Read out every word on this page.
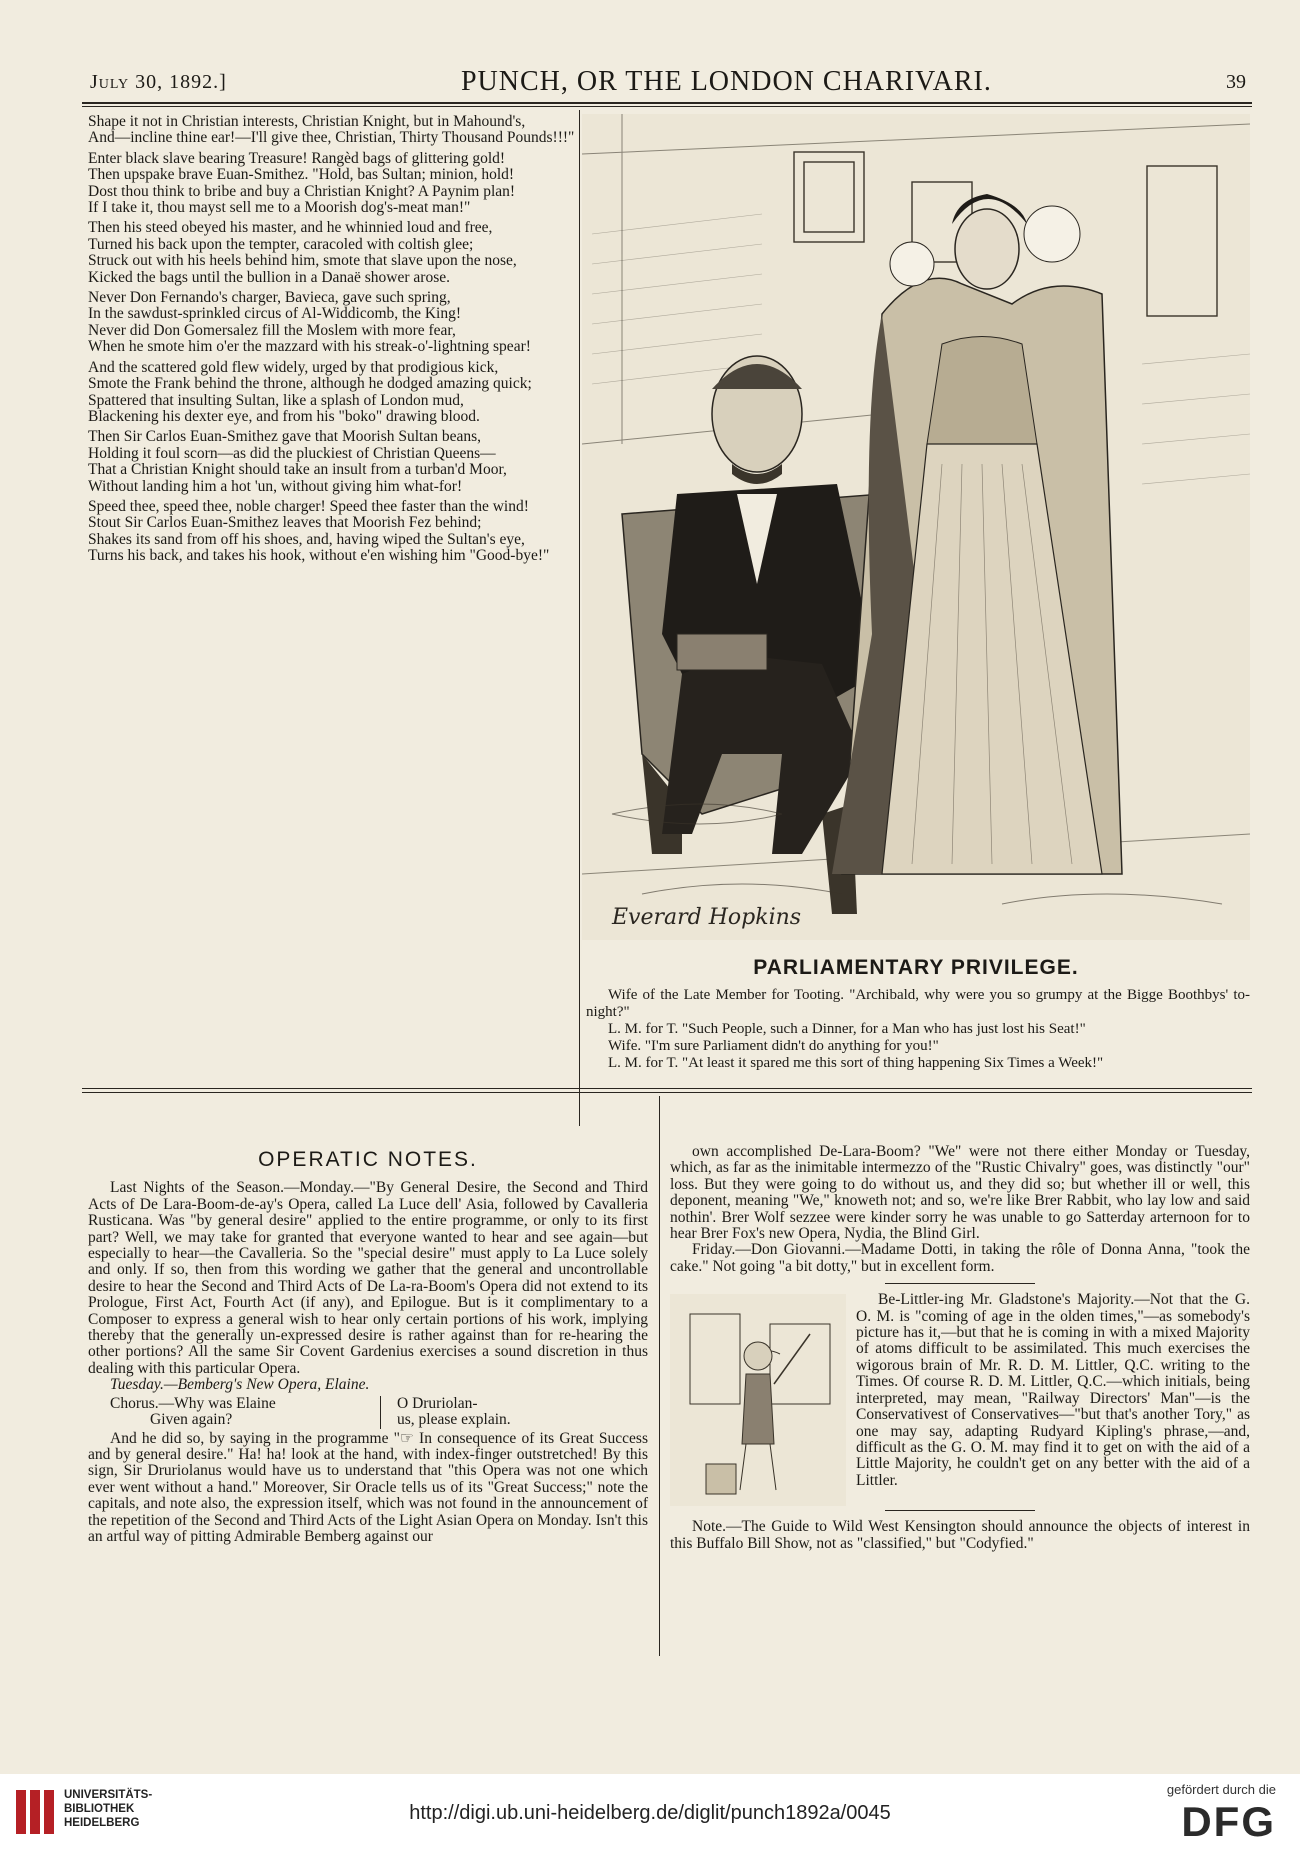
July 30, 1892.]	PUNCH, OR THE LONDON CHARIVARI.	39
Shape it not in Christian interests, Christian Knight, but in Mahound's,
And—incline thine ear!—I'll give thee, Christian, Thirty Thousand Pounds!!!"
Enter black slave bearing Treasure! Rangèd bags of glittering gold!
Then upspake brave Euan-Smithez. "Hold, bas Sultan; minion, hold!
Dost thou think to bribe and buy a Christian Knight? A Paynim plan!
If I take it, thou mayst sell me to a Moorish dog's-meat man!"
Then his steed obeyed his master, and he whinnied loud and free,
Turned his back upon the tempter, caracoled with coltish glee;
Struck out with his heels behind him, smote that slave upon the nose,
Kicked the bags until the bullion in a Danaë shower arose.
Never Don Fernando's charger, Bavieca, gave such spring,
In the sawdust-sprinkled circus of Al-Widdicomb, the King!
Never did Don Gomersalez fill the Moslem with more fear,
When he smote him o'er the mazzard with his streak-o'-lightning spear!
And the scattered gold flew widely, urged by that prodigious kick,
Smote the Frank behind the throne, although he dodged amazing quick;
Spattered that insulting Sultan, like a splash of London mud,
Blackening his dexter eye, and from his "boko" drawing blood.
Then Sir Carlos Euan-Smithez gave that Moorish Sultan beans,
Holding it foul scorn—as did the pluckiest of Christian Queens—
That a Christian Knight should take an insult from a turban'd Moor,
Without landing him a hot 'un, without giving him what-for!
Speed thee, speed thee, noble charger! Speed thee faster than the wind!
Stout Sir Carlos Euan-Smithez leaves that Moorish Fez behind;
Shakes its sand from off his shoes, and, having wiped the Sultan's eye,
Turns his back, and takes his hook, without e'en wishing him "Good-bye!"
Everard Hopkins
PARLIAMENTARY PRIVILEGE.

Wife of the Late Member for Tooting. "Archibald, why were you so grumpy at the Bigge Boothbys' to-night?"

L. M. for T. "Such People, such a Dinner, for a Man who has just lost his Seat!"

Wife. "I'm sure Parliament didn't do anything for you!"

L. M. for T. "At least it spared me this sort of thing happening Six Times a Week!"

OPERATIC NOTES.

Last Nights of the Season.—Monday.—"By General Desire, the Second and Third Acts of De Lara-Boom-de-ay's Opera, called La Luce dell' Asia, followed by Cavalleria Rusticana. Was "by general desire" applied to the entire programme, or only to its first part? Well, we may take for granted that everyone wanted to hear and see again—but especially to hear—the Cavalleria. So the "special desire" must apply to La Luce solely and only. If so, then from this wording we gather that the general and uncontrollable desire to hear the Second and Third Acts of De La-ra-Boom's Opera did not extend to its Prologue, First Act, Fourth Act (if any), and Epilogue. But is it complimentary to a Composer to express a general wish to hear only certain portions of his work, implying thereby that the generally un-expressed desire is rather against than for re-hearing the other portions? All the same Sir Covent Gardenius exercises a sound discretion in thus dealing with this particular Opera.

Tuesday.—Bemberg's New Opera, Elaine.

Chorus.—Why was Elaine
Given again?
O Druriolan-
us, please explain.

And he did so, by saying in the programme "☞ In consequence of its Great Success and by general desire." Ha! ha! look at the hand, with index-finger outstretched! By this sign, Sir Druriolanus would have us to understand that "this Opera was not one which ever went without a hand." Moreover, Sir Oracle tells us of its "Great Success;" note the capitals, and note also, the expression itself, which was not found in the announcement of the repetition of the Second and Third Acts of the Light Asian Opera on Monday. Isn't this an artful way of pitting Admirable Bemberg against our

own accomplished De-Lara-Boom? "We" were not there either Monday or Tuesday, which, as far as the inimitable intermezzo of the "Rustic Chivalry" goes, was distinctly "our" loss. But they were going to do without us, and they did so; but whether ill or well, this deponent, meaning "We," knoweth not; and so, we're like Brer Rabbit, who lay low and said nothin'. Brer Wolf sezzee were kinder sorry he was unable to go Satterday arternoon for to hear Brer Fox's new Opera, Nydia, the Blind Girl.

Friday.—Don Giovanni.—Madame Dotti, in taking the rôle of Donna Anna, "took the cake." Not going "a bit dotty," but in excellent form.

Be-Littler-ing Mr. Gladstone's Majority.—Not that the G. O. M. is "coming of age in the olden times,"—as somebody's picture has it,—but that he is coming in with a mixed Majority of atoms difficult to be assimilated. This much exercises the wigorous brain of Mr. R. D. M. Littler, Q.C. writing to the Times. Of course R. D. M. Littler, Q.C.—which initials, being interpreted, may mean, "Railway Directors' Man"—is the Conservativest of Conservatives—"but that's another Tory," as one may say, adapting Rudyard Kipling's phrase,—and, difficult as the G. O. M. may find it to get on with the aid of a Little Majority, he couldn't get on any better with the aid of a Littler.

Note.—The Guide to Wild West Kensington should announce the objects of interest in this Buffalo Bill Show, not as "classified," but "Codyfied."

UNIVERSITÄTS-
BIBLIOTHEK
HEIDELBERG	http://digi.ub.uni-heidelberg.de/diglit/punch1892a/0045
gefördert durch die
DFG
